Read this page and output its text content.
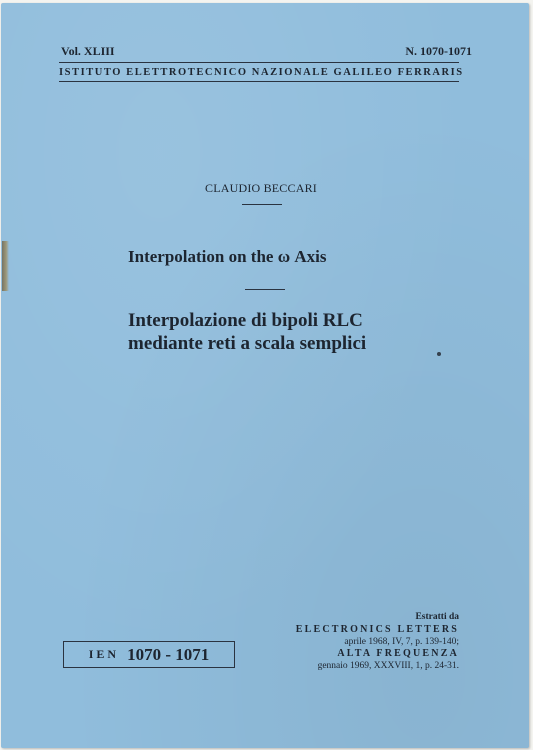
Vol. XLIII	N. 1070-1071
ISTITUTO ELETTROTECNICO NAZIONALE GALILEO FERRARIS
CLAUDIO BECCARI
Interpolation on the ω Axis
Interpolazione di bipoli RLC
mediante reti a scala semplici
IEN 1070 - 1071
Estratti da
ELECTRONICS LETTERS
aprile 1968, IV, 7, p. 139-140;
ALTA FREQUENZA
gennaio 1969, XXXVIII, 1, p. 24-31.
